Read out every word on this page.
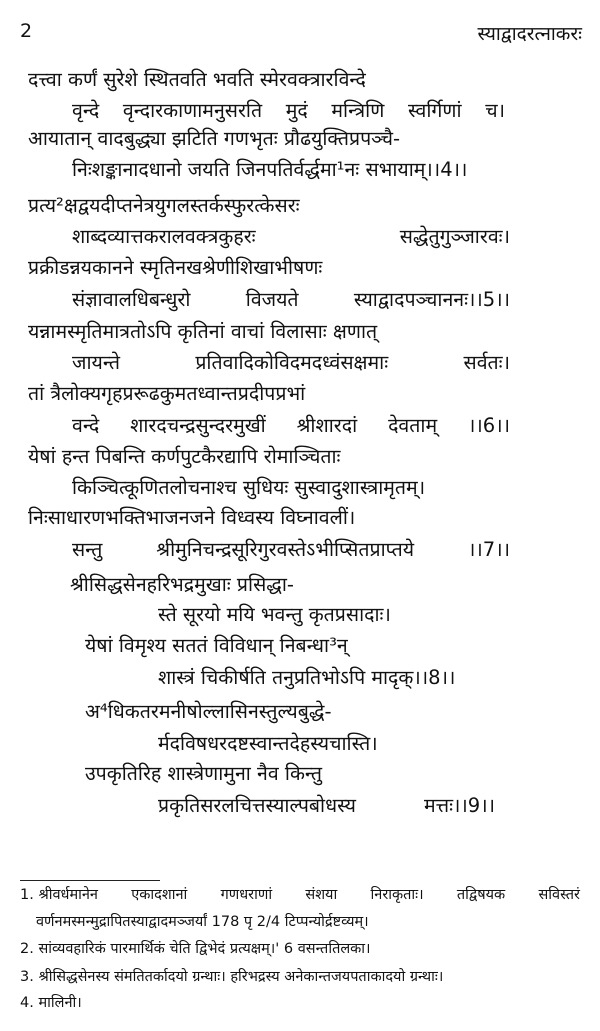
2	स्याद्वादरत्नाकरः
दत्त्वा कर्णं सुरेशे स्थितवति भवति स्मेरवक्त्रारविन्दे
वृन्दे वृन्दारकाणामनुसरति मुदं मन्त्रिणि स्वर्गिणां च।
आयातान् वादबुद्ध्या झटिति गणभृतः प्रौढयुक्तिप्रपञ्चै-
निःशङ्कानादधानो जयति जिनपतिर्वर्द्धमा¹नः सभायाम्।।4।।
प्रत्य²क्षद्वयदीप्तनेत्रयुगलस्तर्कस्फुरत्केसरः
शाब्दव्यात्तकरालवक्त्रकुहरः	सद्धेतुगुञ्जारवः।
प्रक्रीडन्नयकानने स्मृतिनखश्रेणीशिखाभीषणः
संज्ञावालधिबन्धुरो	विजयते	स्याद्वादपञ्चाननः।।5।।
यन्नामस्मृतिमात्रतोऽपि कृतिनां वाचां विलासाः क्षणात्
जायन्ते	प्रतिवादिकोविदमदध्वंसक्षमाः	सर्वतः।
तां त्रैलोक्यगृहप्ररूढकुमतध्वान्तप्रदीपप्रभां
वन्दे शारदचन्द्रसुन्दरमुखीं श्रीशारदां देवताम् ।।6।।
येषां हन्त पिबन्ति कर्णपुटकैरद्यापि रोमाञ्चिताः
किञ्चित्कूणितलोचनाश्च सुधियः सुस्वादुशास्त्रामृतम्।
निःसाधारणभक्तिभाजनजने विध्वस्य विघ्नावलीं।
सन्तु	श्रीमुनिचन्द्रसूरिगुरवस्तेऽभीप्सितप्राप्तये	।।7।।
श्रीसिद्धसेनहरिभद्रमुखाः प्रसिद्धा-
स्ते सूरयो मयि भवन्तु कृतप्रसादाः।
येषां विमृश्य सततं विविधान् निबन्धा³न्
शास्त्रं चिकीर्षति तनुप्रतिभोऽपि मादृक्।।8।।
अ⁴धिकतरमनीषोल्लासिनस्तुल्यबुद्धे-
र्मदविषधरदष्टस्वान्तदेहस्य चास्ति।
उपकृतिरिह शास्त्रेणामुना नैव किन्तु
प्रकृतिसरलचित्तस्याल्पबोधस्य	मत्तः।।9।।
1. श्रीवर्धमानेन एकादशानां गणधराणां संशया निराकृताः। तद्विषयक सविस्तरं
वर्णनमस्मन्मुद्रापितस्याद्वादमञ्जर्यां 178 पृ 2/4 टिप्पन्योर्द्रष्टव्यम्।
2. सांव्यवहारिकं पारमार्थिकं चेति द्विभेदं प्रत्यक्षम्।' 6 वसन्ततिलका।
3. श्रीसिद्धसेनस्य संमतितर्कादयो ग्रन्थाः। हरिभद्रस्य अनेकान्तजयपताकादयो ग्रन्थाः।
4. मालिनी।
